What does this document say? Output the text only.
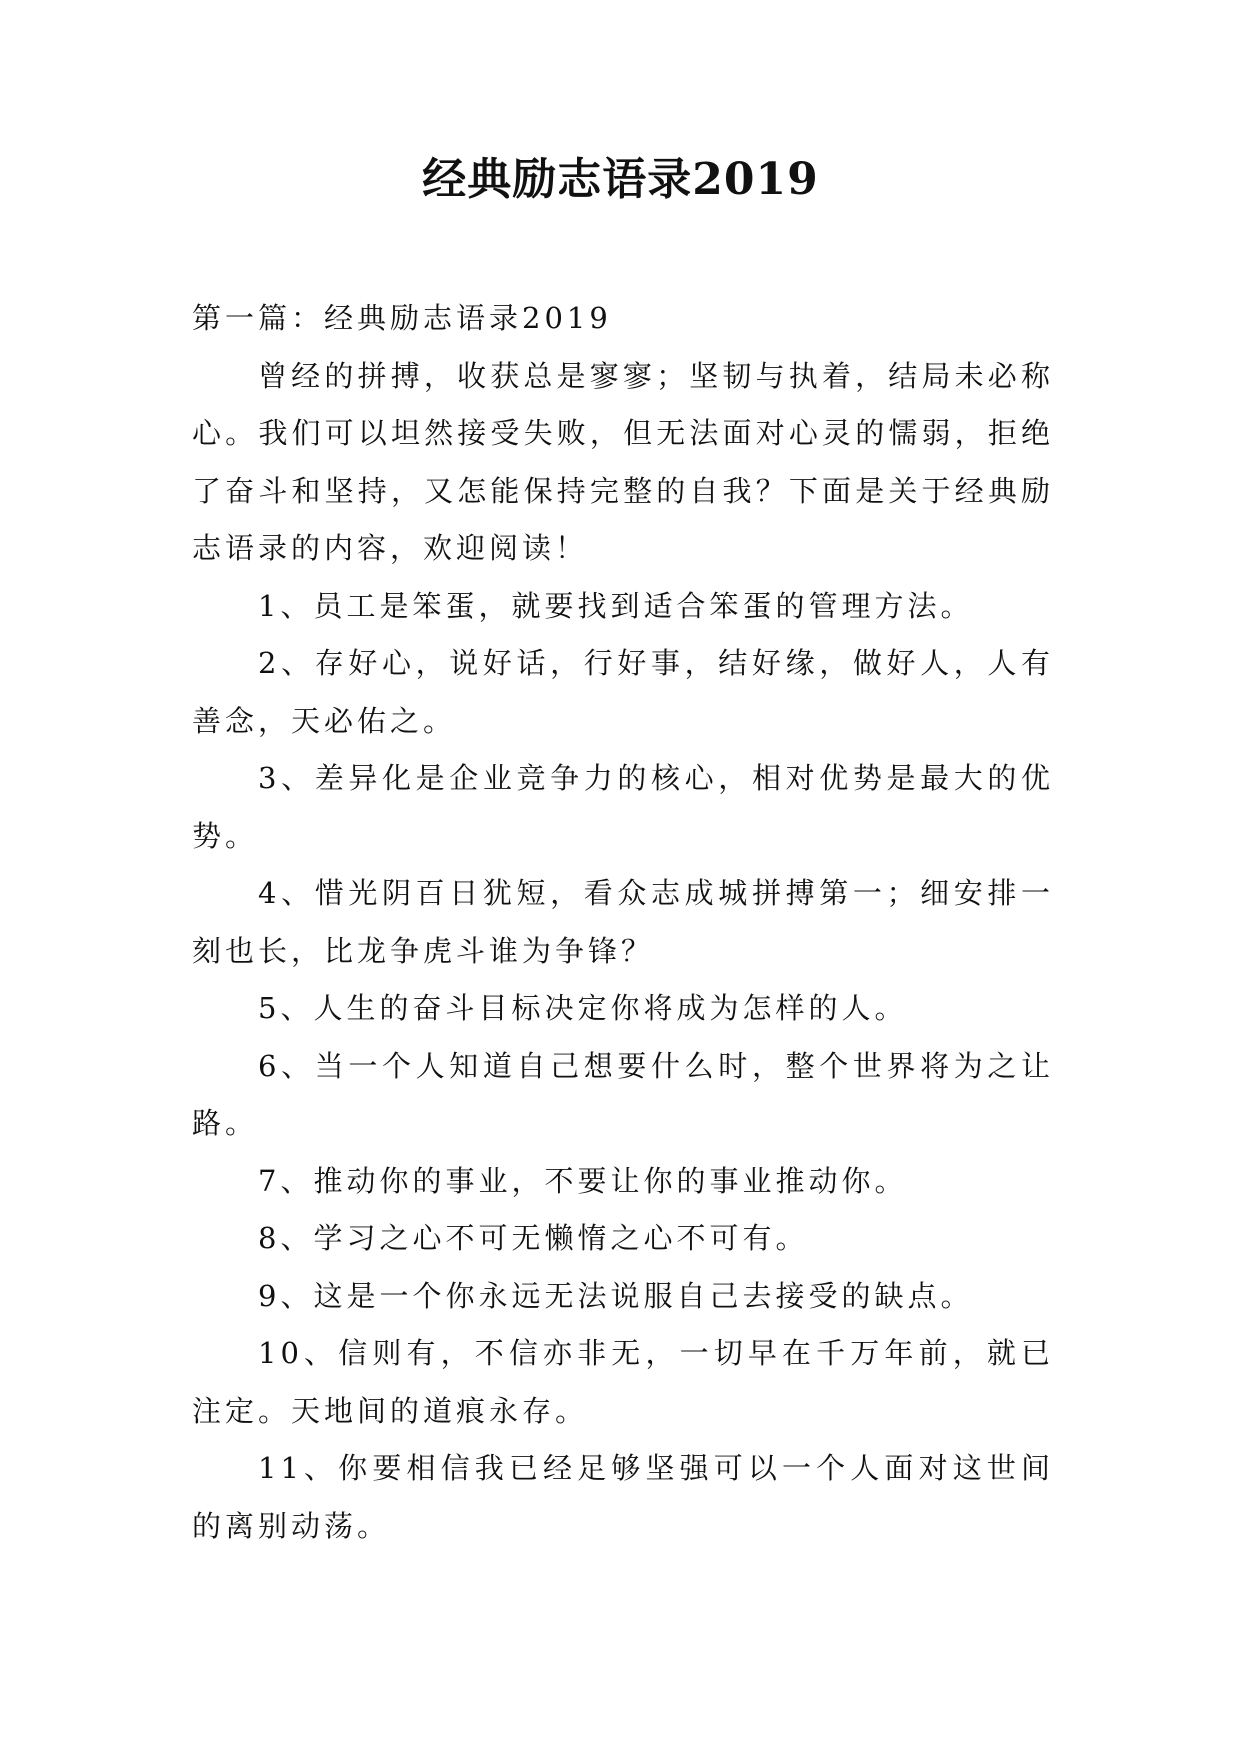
经典励志语录2019

第一篇：经典励志语录2019

曾经的拼搏，收获总是寥寥；坚韧与执着，结局未必称心。我们可以坦然接受失败，但无法面对心灵的懦弱，拒绝了奋斗和坚持，又怎能保持完整的自我？下面是关于经典励志语录的内容，欢迎阅读！

1、员工是笨蛋，就要找到适合笨蛋的管理方法。

2、存好心，说好话，行好事，结好缘，做好人，人有善念，天必佑之。

3、差异化是企业竞争力的核心，相对优势是最大的优势。

4、惜光阴百日犹短，看众志成城拼搏第一；细安排一刻也长，比龙争虎斗谁为争锋？

5、人生的奋斗目标决定你将成为怎样的人。

6、当一个人知道自己想要什么时，整个世界将为之让路。

7、推动你的事业，不要让你的事业推动你。

8、学习之心不可无懒惰之心不可有。

9、这是一个你永远无法说服自己去接受的缺点。

10、信则有，不信亦非无，一切早在千万年前，就已注定。天地间的道痕永存。

11、你要相信我已经足够坚强可以一个人面对这世间的离别动荡。
